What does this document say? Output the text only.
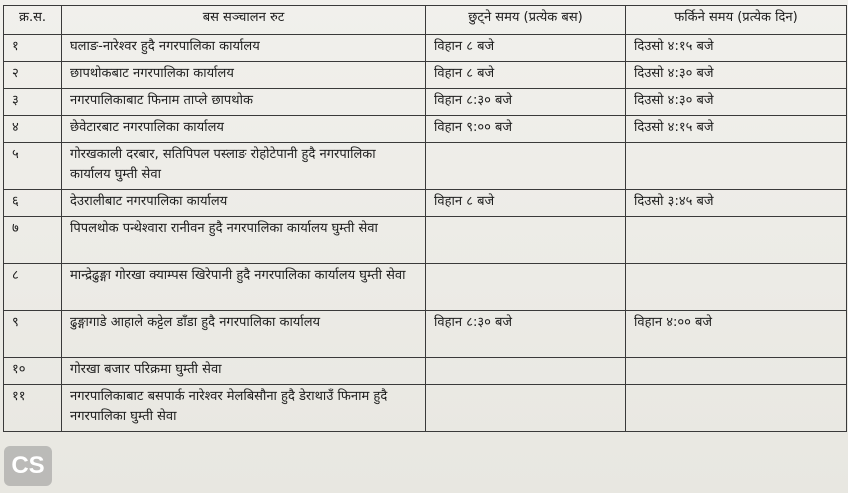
क्र.स.	बस सञ्चालन रुट	छुट्ने समय (प्रत्येक बस)	फर्किने समय (प्रत्येक दिन)
१	घलाङ-नारेश्वर हुदै नगरपालिका कार्यालय	विहान ८ बजे	दिउसो ४:१५ बजे
२	छापथोकबाट नगरपालिका कार्यालय	विहान ८ बजे	दिउसो ४:३० बजे
३	नगरपालिकाबाट फिनाम ताप्ले छापथोक	विहान ८:३० बजे	दिउसो ४:३० बजे
४	छेवेटारबाट नगरपालिका कार्यालय	विहान ९:०० बजे	दिउसो ४:१५ बजे
५	गोरखकाली दरबार, सतिपिपल पस्लाङ रोहोटेपानी हुदै नगरपालिका कार्यालय घुम्ती सेवा		
६	देउरालीबाट नगरपालिका कार्यालय	विहान ८ बजे	दिउसो ३:४५ बजे
७	पिपलथोक पन्थेश्वारा रानीवन हुदै नगरपालिका कार्यालय घुम्ती सेवा		
८	मान्द्रेढुङ्गा गोरखा क्याम्पस खिरेपानी हुदै नगरपालिका कार्यालय घुम्ती सेवा		
९	ढुङ्गागाडे आहाले कट्टेल डाँडा हुदै नगरपालिका कार्यालय	विहान ८:३० बजे	विहान ४:०० बजे
१०	गोरखा बजार परिक्रमा घुम्ती सेवा		
११	नगरपालिकाबाट बसपार्क नारेश्वर मेलबिसौना हुदै डेराथाउँ फिनाम हुदै नगरपालिका घुम्ती सेवा		
CS
